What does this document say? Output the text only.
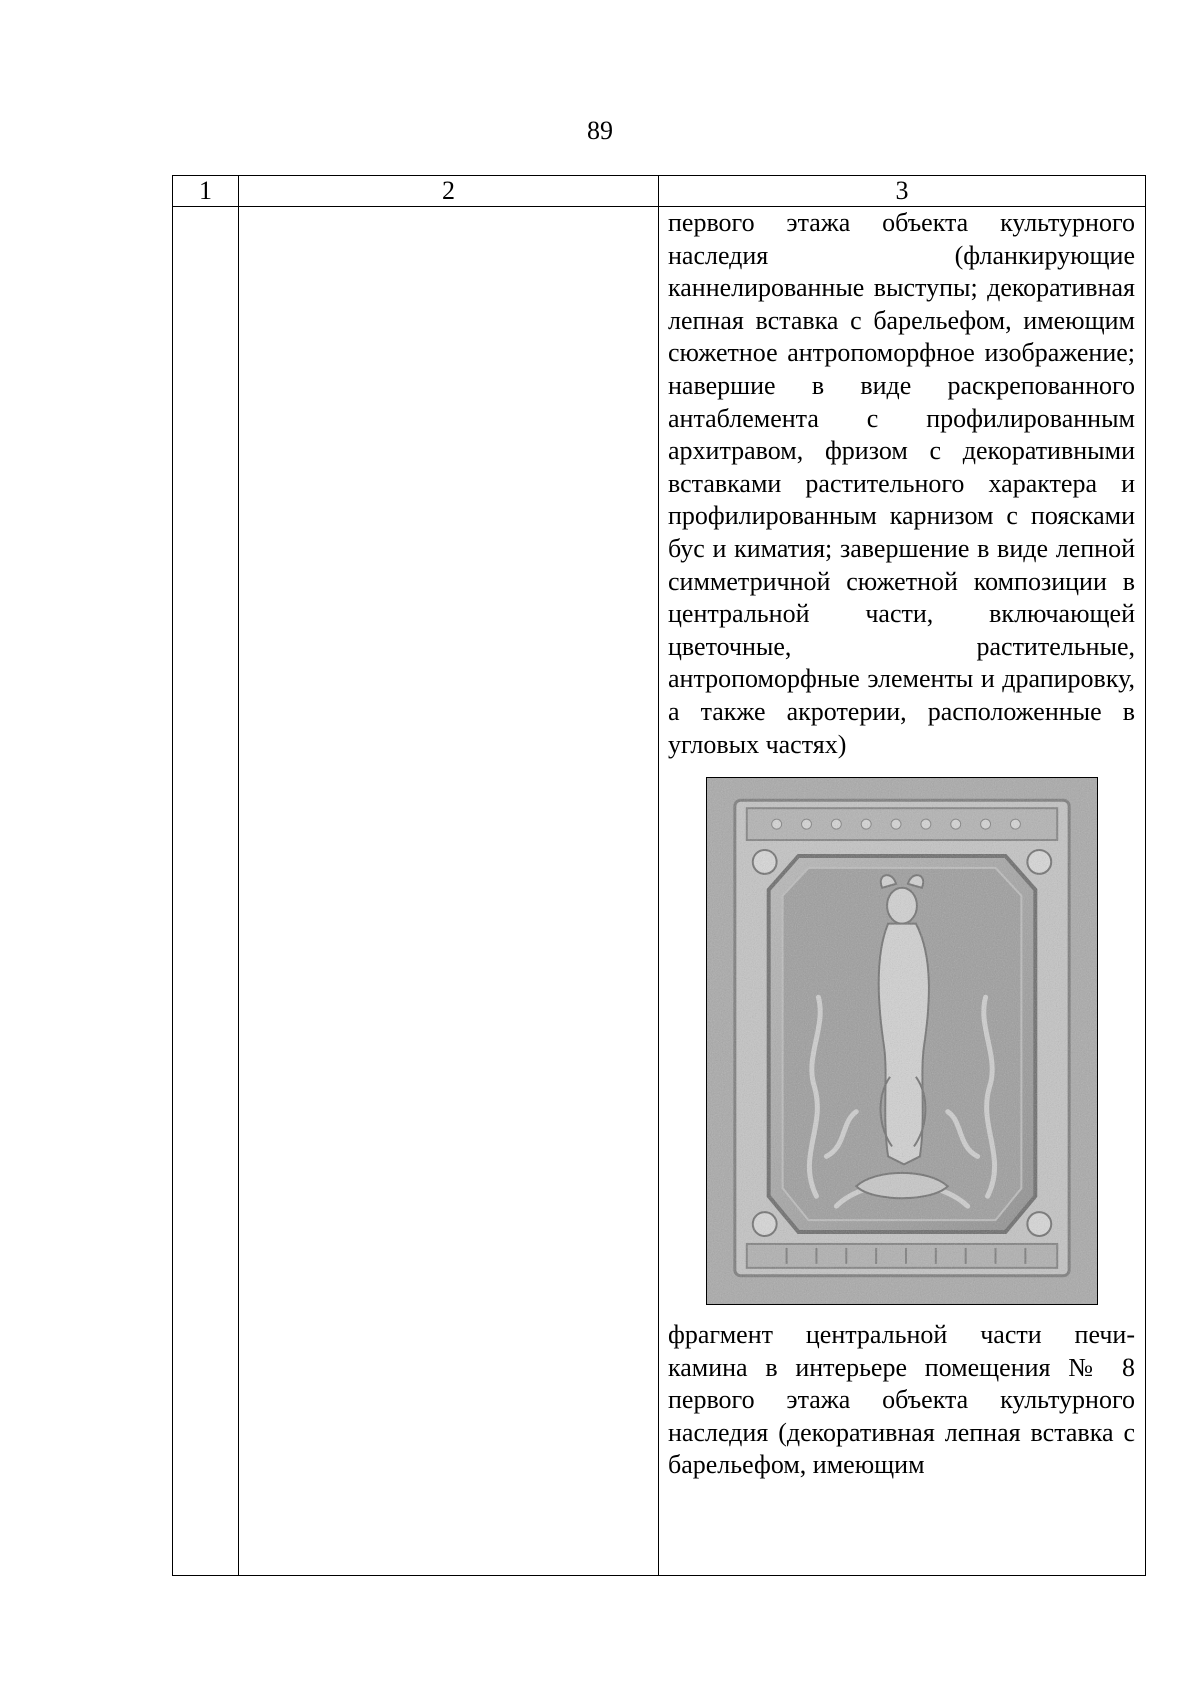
89
1	2	3

		первого этажа объекта культурного наследия (фланкирующие каннелированные выступы; декоративная лепная вставка с барельефом, имеющим сюжетное антропоморфное изображение; навершие в виде раскрепованного антаблемента с профилированным архитравом, фризом с декоративными вставками растительного характера и профилированным карнизом с поясками бус и киматия; завершение в виде лепной симметричной сюжетной композиции в центральной части, включающей цветочные, растительные, антропоморфные элементы и драпировку, а также акротерии, расположенные в угловых частях)
фрагмент центральной части печи-камина в интерьере помещения № 8 первого этажа объекта культурного наследия (декоративная лепная вставка с барельефом, имеющим
